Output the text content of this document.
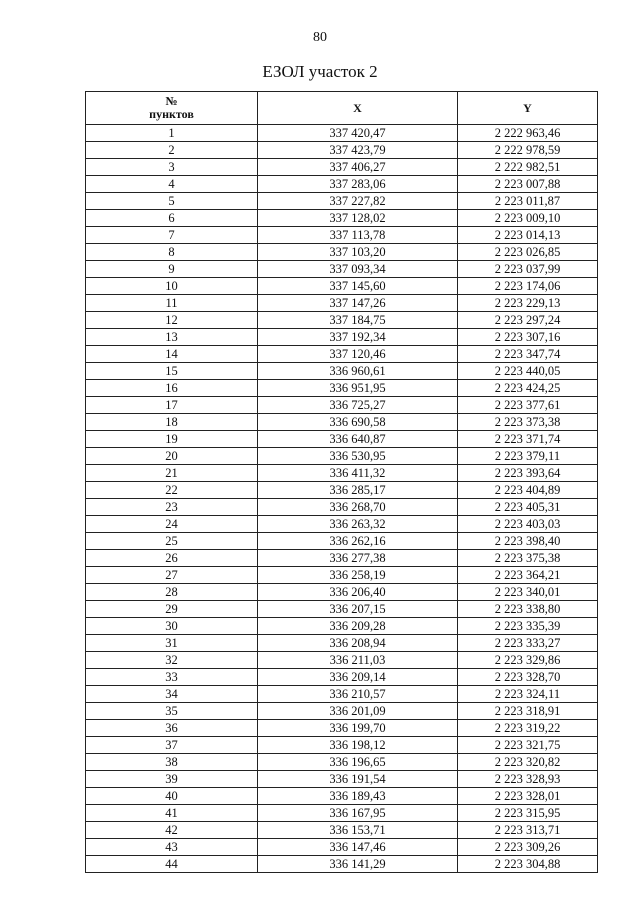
80
ЕЗОЛ участок 2
№
пунктов	X	Y
1	337 420,47	2 222 963,46
2	337 423,79	2 222 978,59
3	337 406,27	2 222 982,51
4	337 283,06	2 223 007,88
5	337 227,82	2 223 011,87
6	337 128,02	2 223 009,10
7	337 113,78	2 223 014,13
8	337 103,20	2 223 026,85
9	337 093,34	2 223 037,99
10	337 145,60	2 223 174,06
11	337 147,26	2 223 229,13
12	337 184,75	2 223 297,24
13	337 192,34	2 223 307,16
14	337 120,46	2 223 347,74
15	336 960,61	2 223 440,05
16	336 951,95	2 223 424,25
17	336 725,27	2 223 377,61
18	336 690,58	2 223 373,38
19	336 640,87	2 223 371,74
20	336 530,95	2 223 379,11
21	336 411,32	2 223 393,64
22	336 285,17	2 223 404,89
23	336 268,70	2 223 405,31
24	336 263,32	2 223 403,03
25	336 262,16	2 223 398,40
26	336 277,38	2 223 375,38
27	336 258,19	2 223 364,21
28	336 206,40	2 223 340,01
29	336 207,15	2 223 338,80
30	336 209,28	2 223 335,39
31	336 208,94	2 223 333,27
32	336 211,03	2 223 329,86
33	336 209,14	2 223 328,70
34	336 210,57	2 223 324,11
35	336 201,09	2 223 318,91
36	336 199,70	2 223 319,22
37	336 198,12	2 223 321,75
38	336 196,65	2 223 320,82
39	336 191,54	2 223 328,93
40	336 189,43	2 223 328,01
41	336 167,95	2 223 315,95
42	336 153,71	2 223 313,71
43	336 147,46	2 223 309,26
44	336 141,29	2 223 304,88
